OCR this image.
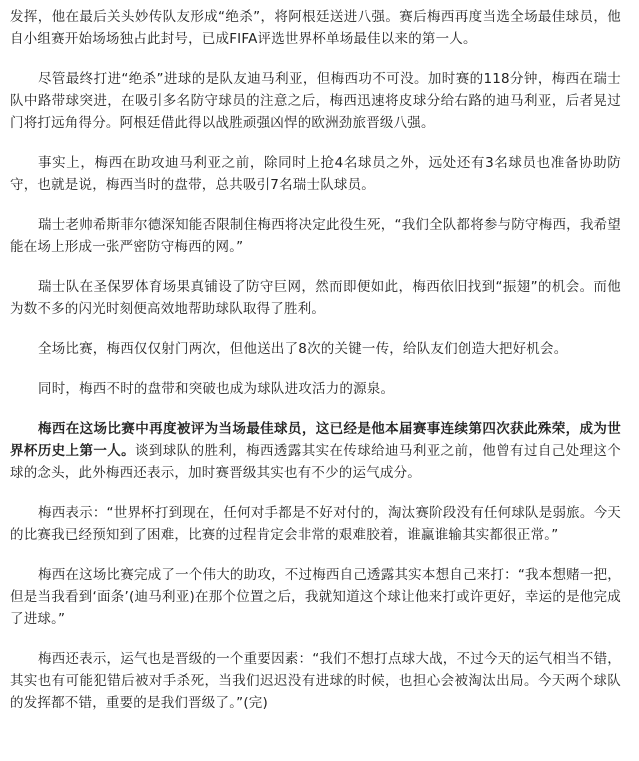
发挥，他在最后关头妙传队友形成“绝杀”，将阿根廷送进八强。赛后梅西再度当选全场最佳球员，他自小组赛开始场场独占此封号，已成FIFA评选世界杯单场最佳以来的第一人。

尽管最终打进“绝杀”进球的是队友迪马利亚，但梅西功不可没。加时赛的118分钟，梅西在瑞士队中路带球突进，在吸引多名防守球员的注意之后，梅西迅速将皮球分给右路的迪马利亚，后者晃过门将打远角得分。阿根廷借此得以战胜顽强凶悍的欧洲劲旅晋级八强。

事实上，梅西在助攻迪马利亚之前，除同时上抢4名球员之外，远处还有3名球员也准备协助防守，也就是说，梅西当时的盘带，总共吸引7名瑞士队球员。

瑞士老帅希斯菲尔德深知能否限制住梅西将决定此役生死，“我们全队都将参与防守梅西，我希望能在场上形成一张严密防守梅西的网。”

瑞士队在圣保罗体育场果真铺设了防守巨网，然而即便如此，梅西依旧找到“振翅”的机会。而他为数不多的闪光时刻便高效地帮助球队取得了胜利。

全场比赛，梅西仅仅射门两次，但他送出了8次的关键一传，给队友们创造大把好机会。

同时，梅西不时的盘带和突破也成为球队进攻活力的源泉。

梅西在这场比赛中再度被评为当场最佳球员，这已经是他本届赛事连续第四次获此殊荣，成为世界杯历史上第一人。谈到球队的胜利，梅西透露其实在传球给迪马利亚之前，他曾有过自己处理这个球的念头，此外梅西还表示，加时赛晋级其实也有不少的运气成分。

梅西表示：“世界杯打到现在，任何对手都是不好对付的，淘汰赛阶段没有任何球队是弱旅。今天的比赛我已经预知到了困难，比赛的过程肯定会非常的艰难胶着，谁赢谁输其实都很正常。”

梅西在这场比赛完成了一个伟大的助攻，不过梅西自己透露其实本想自己来打：“我本想赌一把，但是当我看到‘面条’(迪马利亚)在那个位置之后，我就知道这个球让他来打或许更好，幸运的是他完成了进球。”

梅西还表示，运气也是晋级的一个重要因素：“我们不想打点球大战，不过今天的运气相当不错，其实也有可能犯错后被对手杀死，当我们迟迟没有进球的时候，也担心会被淘汰出局。今天两个球队的发挥都不错，重要的是我们晋级了。”(完)
